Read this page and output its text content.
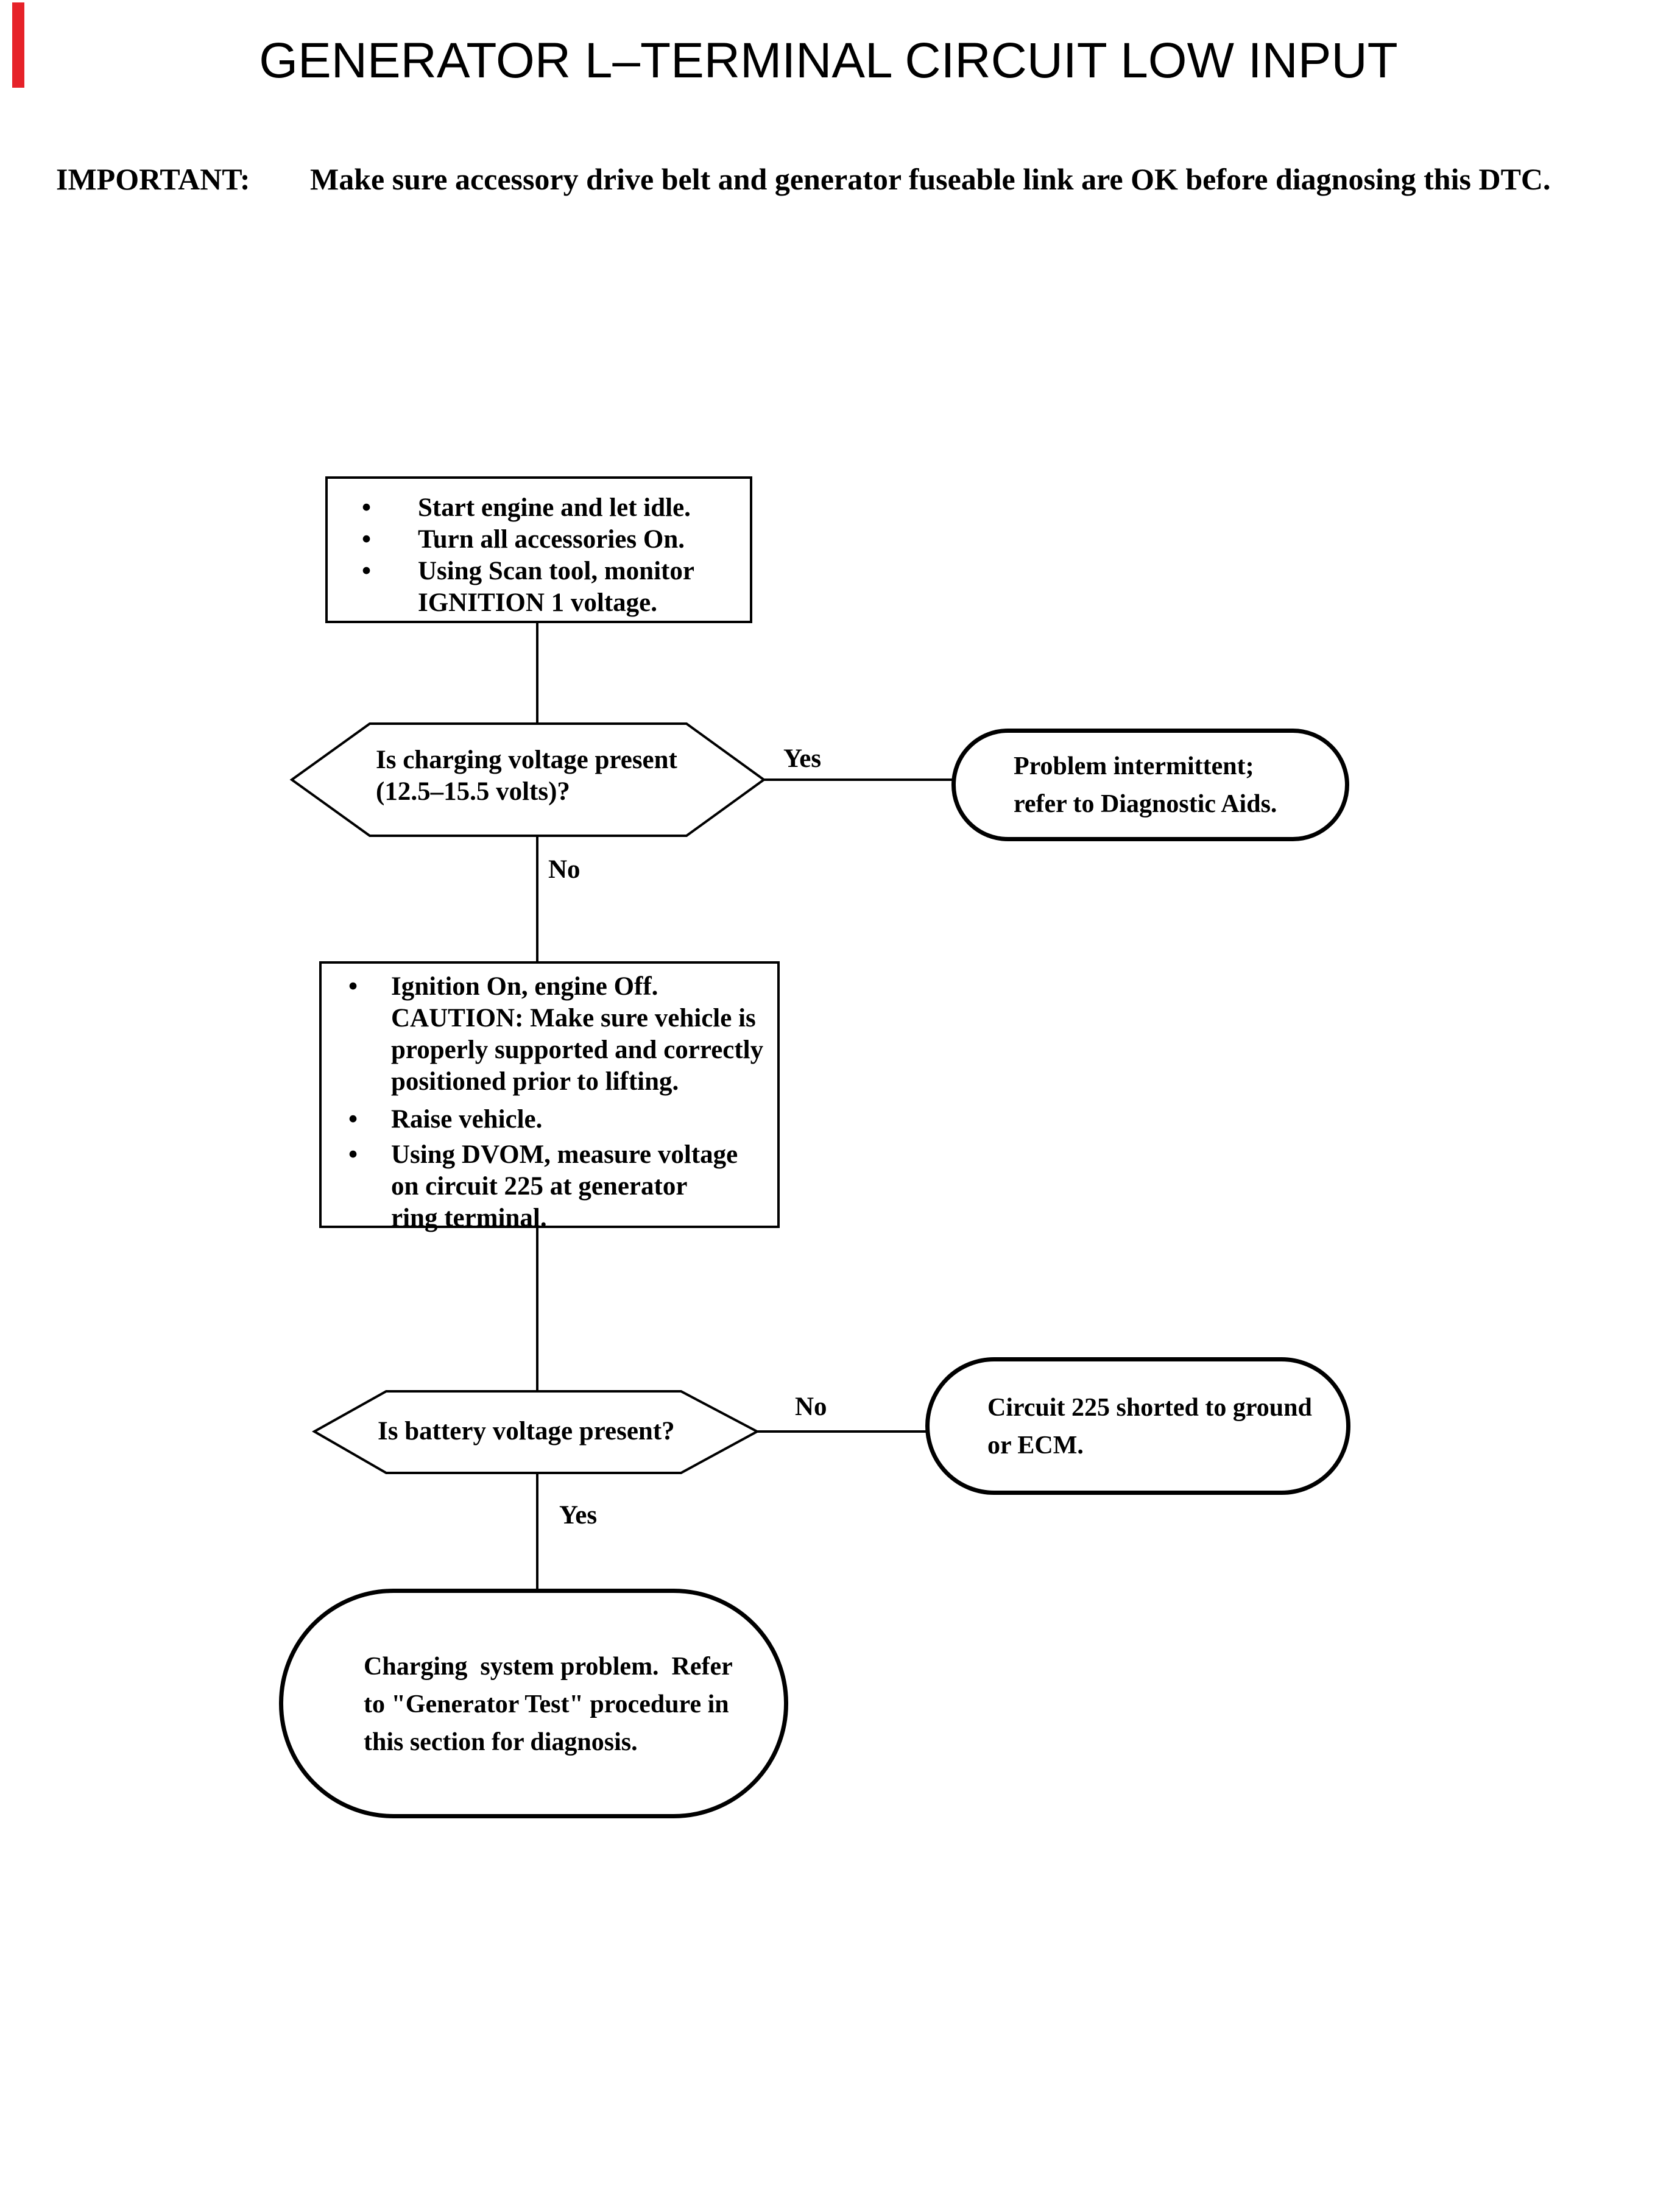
GENERATOR L–TERMINAL CIRCUIT LOW INPUT
IMPORTANT: Make sure accessory drive belt and generator fuseable link are OK before diagnosing this DTC.
• Start engine and let idle.
• Turn all accessories On.
• Using Scan tool, monitor
IGNITION 1 voltage.
Is charging voltage present
(12.5–15.5 volts)?
Yes
No
Problem intermittent;
refer to Diagnostic Aids.
• Ignition On, engine Off.
CAUTION: Make sure vehicle is
properly supported and correctly
positioned prior to lifting.
• Raise vehicle.
• Using DVOM, measure voltage
on circuit 225 at generator
ring terminal.
Is battery voltage present?
No
Yes
Circuit 225 shorted to ground
or ECM.
Charging  system problem.  Refer
to "Generator Test" procedure in
this section for diagnosis.
